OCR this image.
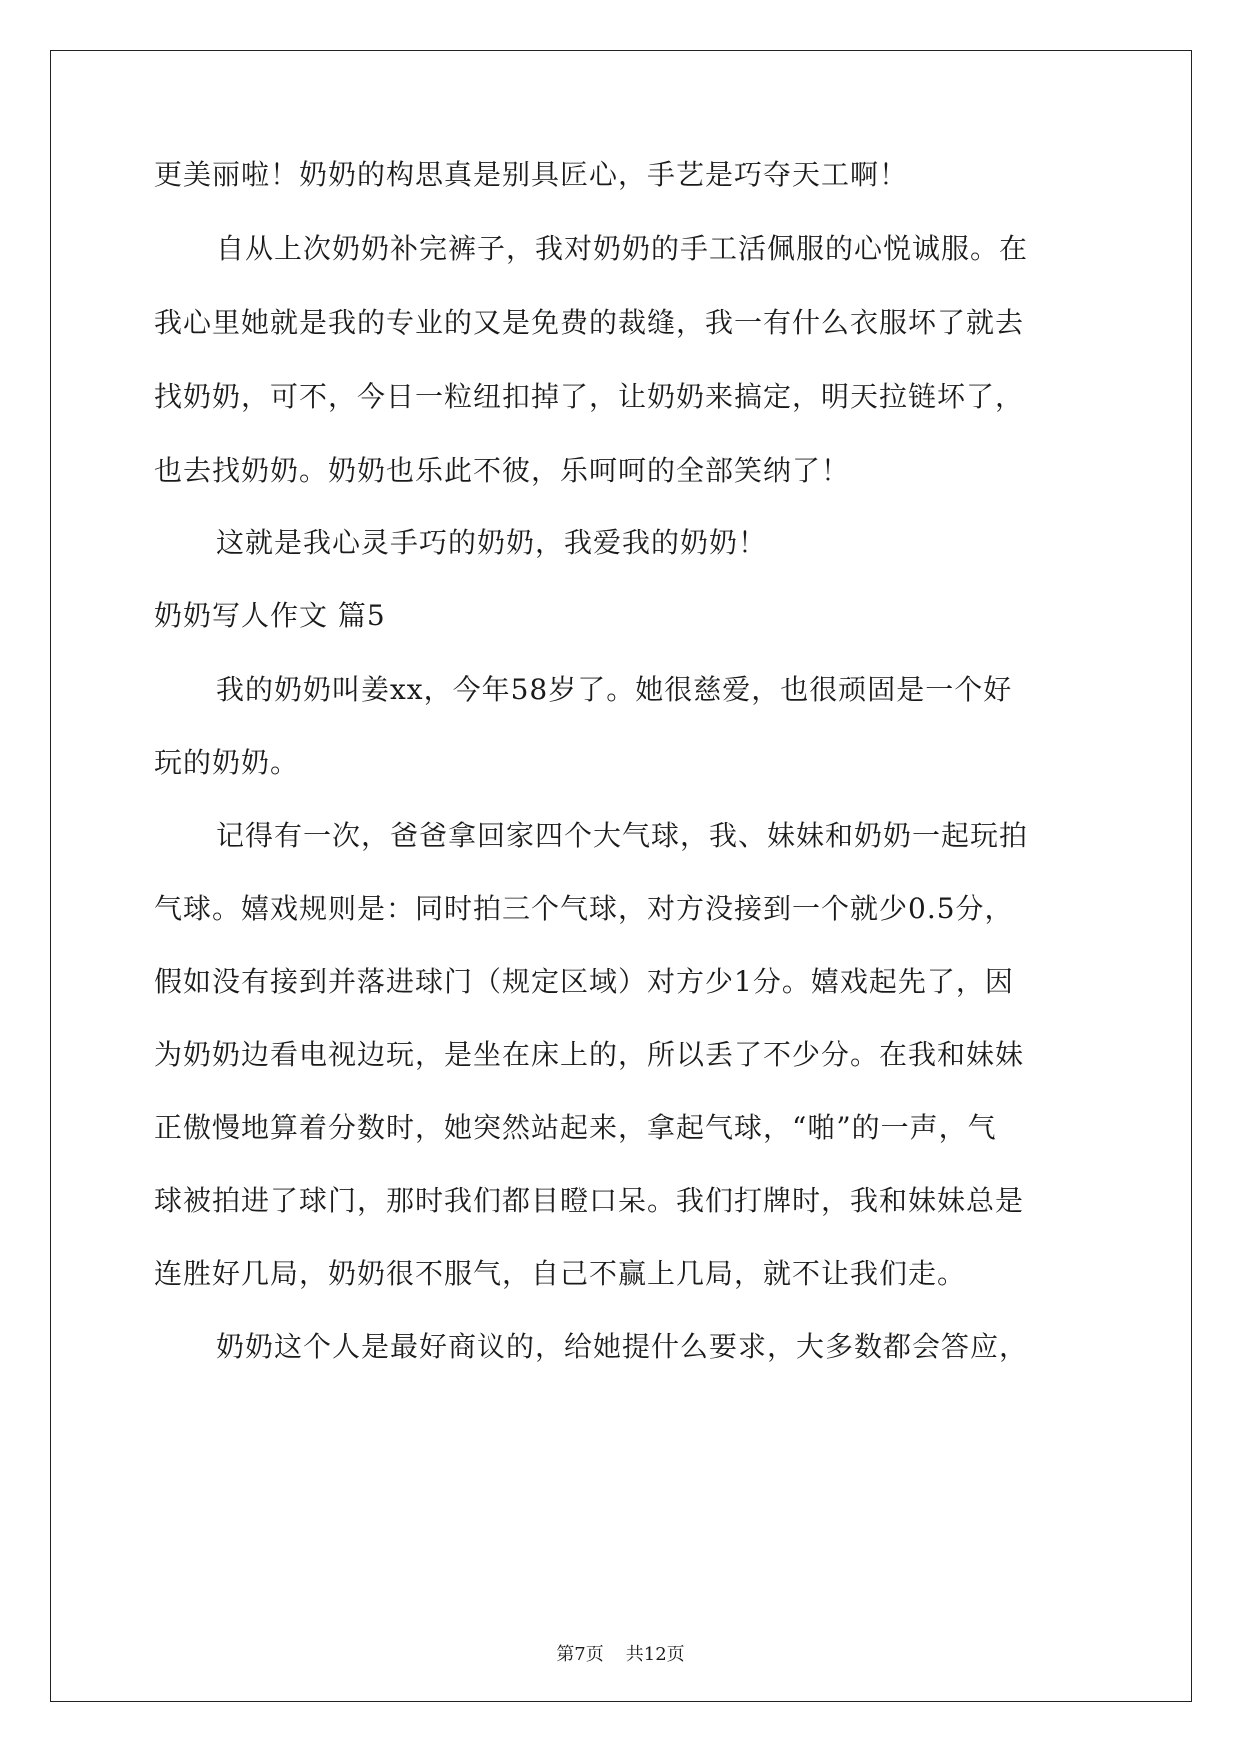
更美丽啦！奶奶的构思真是别具匠心，手艺是巧夺天工啊！
自从上次奶奶补完裤子，我对奶奶的手工活佩服的心悦诚服。在
我心里她就是我的专业的又是免费的裁缝，我一有什么衣服坏了就去
找奶奶，可不，今日一粒纽扣掉了，让奶奶来搞定，明天拉链坏了，
也去找奶奶。奶奶也乐此不彼，乐呵呵的全部笑纳了！
这就是我心灵手巧的奶奶，我爱我的奶奶！
奶奶写人作文 篇5
我的奶奶叫姜xx，今年58岁了。她很慈爱，也很顽固是一个好
玩的奶奶。
记得有一次，爸爸拿回家四个大气球，我、妹妹和奶奶一起玩拍
气球。嬉戏规则是：同时拍三个气球，对方没接到一个就少0.5分，
假如没有接到并落进球门（规定区域）对方少1分。嬉戏起先了，因
为奶奶边看电视边玩，是坐在床上的，所以丢了不少分。在我和妹妹
正傲慢地算着分数时，她突然站起来，拿起气球，“啪”的一声，气
球被拍进了球门，那时我们都目瞪口呆。我们打牌时，我和妹妹总是
连胜好几局，奶奶很不服气，自己不赢上几局，就不让我们走。
奶奶这个人是最好商议的，给她提什么要求，大多数都会答应，
第7页 共12页
